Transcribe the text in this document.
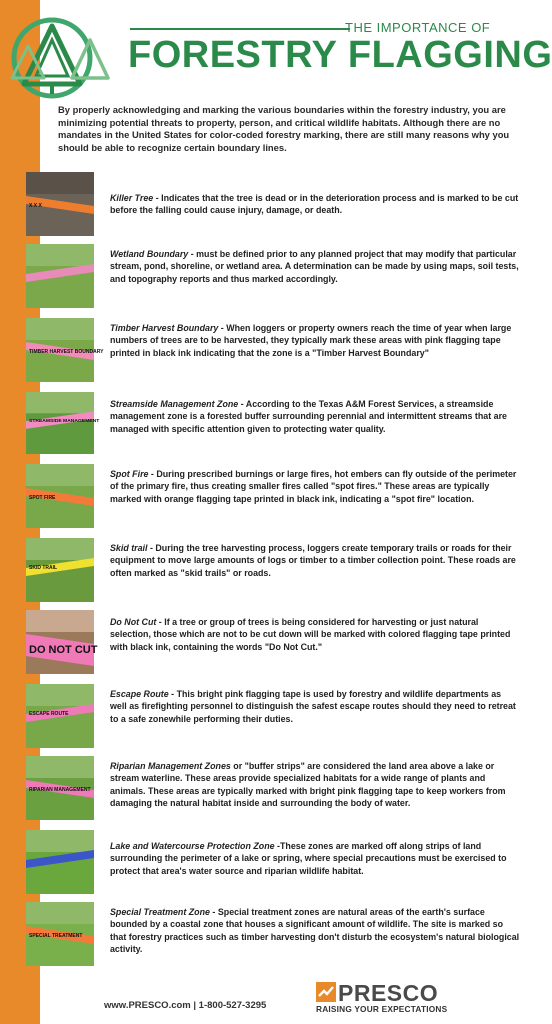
THE IMPORTANCE OF
FORESTRY FLAGGING

By properly acknowledging and marking the various boundaries within the forestry industry, you are minimizing potential threats to property, person, and critical wildlife habitats. Although there are no mandates in the United States for color-coded forestry marking, there are still many reasons why you should be able to recognize certain boundary lines.

X X X

Killer Tree - Indicates that the tree is dead or in the deterioration process and is marked to be cut before the falling could cause injury, damage, or death.

Wetland Boundary - must be defined prior to any planned project that may modify that particular stream, pond, shoreline, or wetland area. A determination can be made by using maps, soil tests, and topography reports and thus marked accordingly.

TIMBER HARVEST BOUNDARY

Timber Harvest Boundary - When loggers or property owners reach the time of year when large numbers of trees are to be harvested, they typically mark these areas with pink flagging tape printed in black ink indicating that the zone is a "Timber Harvest Boundary"

STREAMSIDE MANAGEMENT

Streamside Management Zone - According to the Texas A&M Forest Services, a streamside management zone is a forested buffer surrounding perennial and intermittent streams that are managed with specific attention given to protecting water quality.

SPOT FIRE

Spot Fire - During prescribed burnings or large fires, hot embers can fly outside of the perimeter of the primary fire, thus creating smaller fires called "spot fires." These areas are typically marked with orange flagging tape printed in black ink, indicating a "spot fire" location.

SKID TRAIL

Skid trail - During the tree harvesting process, loggers create temporary trails or roads for their equipment to move large amounts of logs or timber to a timber collection point. These roads are often marked as "skid trails" or roads.

DO NOT CUT

Do Not Cut - If a tree or group of trees is being considered for harvesting or just natural selection, those which are not to be cut down will be marked with colored flagging tape printed with black ink, containing the words "Do Not Cut."

ESCAPE ROUTE

Escape Route - This bright pink flagging tape is used by forestry and wildlife departments as well as firefighting personnel to distinguish the safest escape routes should they need to retreat to a safe zonewhile performing their duties.

RIPARIAN MANAGEMENT

Riparian Management Zones or "buffer strips" are considered the land area above a lake or stream waterline. These areas provide specialized habitats for a wide range of plants and animals. These areas are typically marked with bright pink flagging tape to keep workers from damaging the natural habitat inside and surrounding the body of water.

Lake and Watercourse Protection Zone -These zones are marked off along strips of land surrounding the perimeter of a lake or spring, where special precautions must be exercised to protect that area's water source and riparian wildlife habitat.

SPECIAL TREATMENT

Special Treatment Zone - Special treatment zones are natural areas of the earth's surface bounded by a coastal zone that houses a significant amount of wildlife. The site is marked so that forestry practices such as timber harvesting don't disturb the ecosystem's natural biological activity.

www.PRESCO.com | 1-800-527-3295	PRESCO
RAISING YOUR EXPECTATIONS
